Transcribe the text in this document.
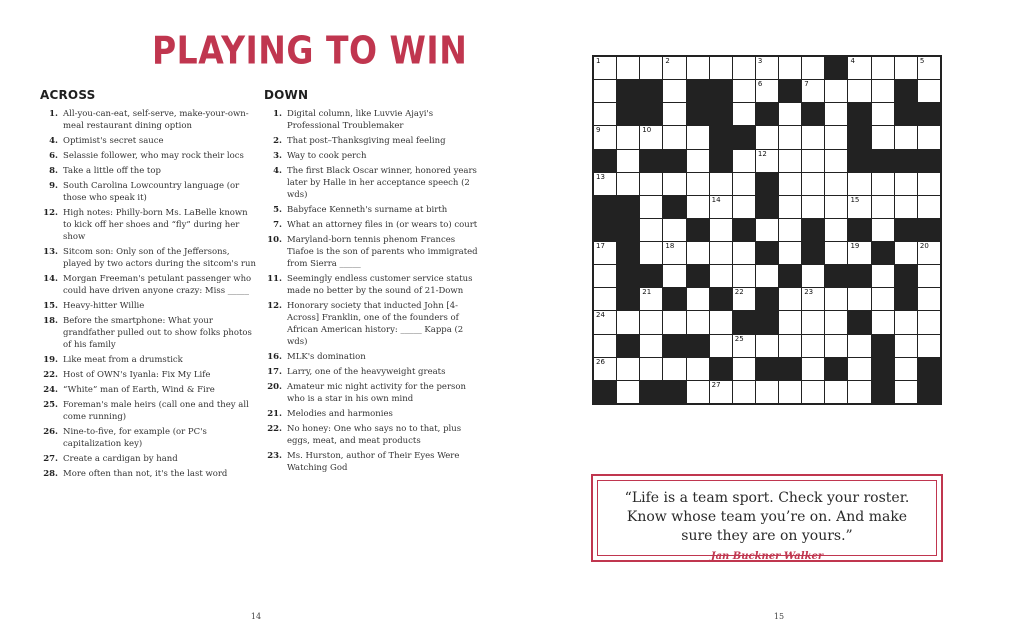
PLAYING TO WIN
ACROSS
1. All-you-can-eat, self-serve, make-your-own-meal restaurant dining option
4. Optimist's secret sauce
6. Selassie follower, who may rock their locs
8. Take a little off the top
9. South Carolina Lowcountry language (or those who speak it)
12. High notes: Philly-born Ms. LaBelle known to kick off her shoes and “fly” during her show
13. Sitcom son: Only son of the Jeffersons, played by two actors during the sitcom's run
14. Morgan Freeman's petulant passenger who could have driven anyone crazy: Miss _____
15. Heavy-hitter Willie
18. Before the smartphone: What your grandfather pulled out to show folks photos of his family
19. Like meat from a drumstick
22. Host of OWN's Iyanla: Fix My Life
24. “White” man of Earth, Wind & Fire
25. Foreman's male heirs (call one and they all come running)
26. Nine-to-five, for example (or PC's capitalization key)
27. Create a cardigan by hand
28. More often than not, it's the last word
DOWN
1. Digital column, like Luvvie Ajayi's Professional Troublemaker
2. That post–Thanksgiving meal feeling
3. Way to cook perch
4. The first Black Oscar winner, honored years later by Halle in her acceptance speech (2 wds)
5. Babyface Kenneth's surname at birth
7. What an attorney files in (or wears to) court
10. Maryland-born tennis phenom Frances Tiafoe is the son of parents who immigrated from Sierra _____
11. Seemingly endless customer service status made no better by the sound of 21-Down
12. Honorary society that inducted John [4-Across] Franklin, one of the founders of African American history: _____ Kappa (2 wds)
16. MLK's domination
17. Larry, one of the heavyweight greats
20. Amateur mic night activity for the person who is a star in his own mind
21. Melodies and harmonies
22. No honey: One who says no to that, plus eggs, meat, and meat products
23. Ms. Hurston, author of Their Eyes Were Watching God
14	15
1	2	3	4	5
6	7
9	10
12
13
14	15
17	18	19	20
21	22	23
24
25
26
27
“Life is a team sport. Check your roster. Know whose team you’re on. And make sure they are on yours.”
Jan Buckner Walker
